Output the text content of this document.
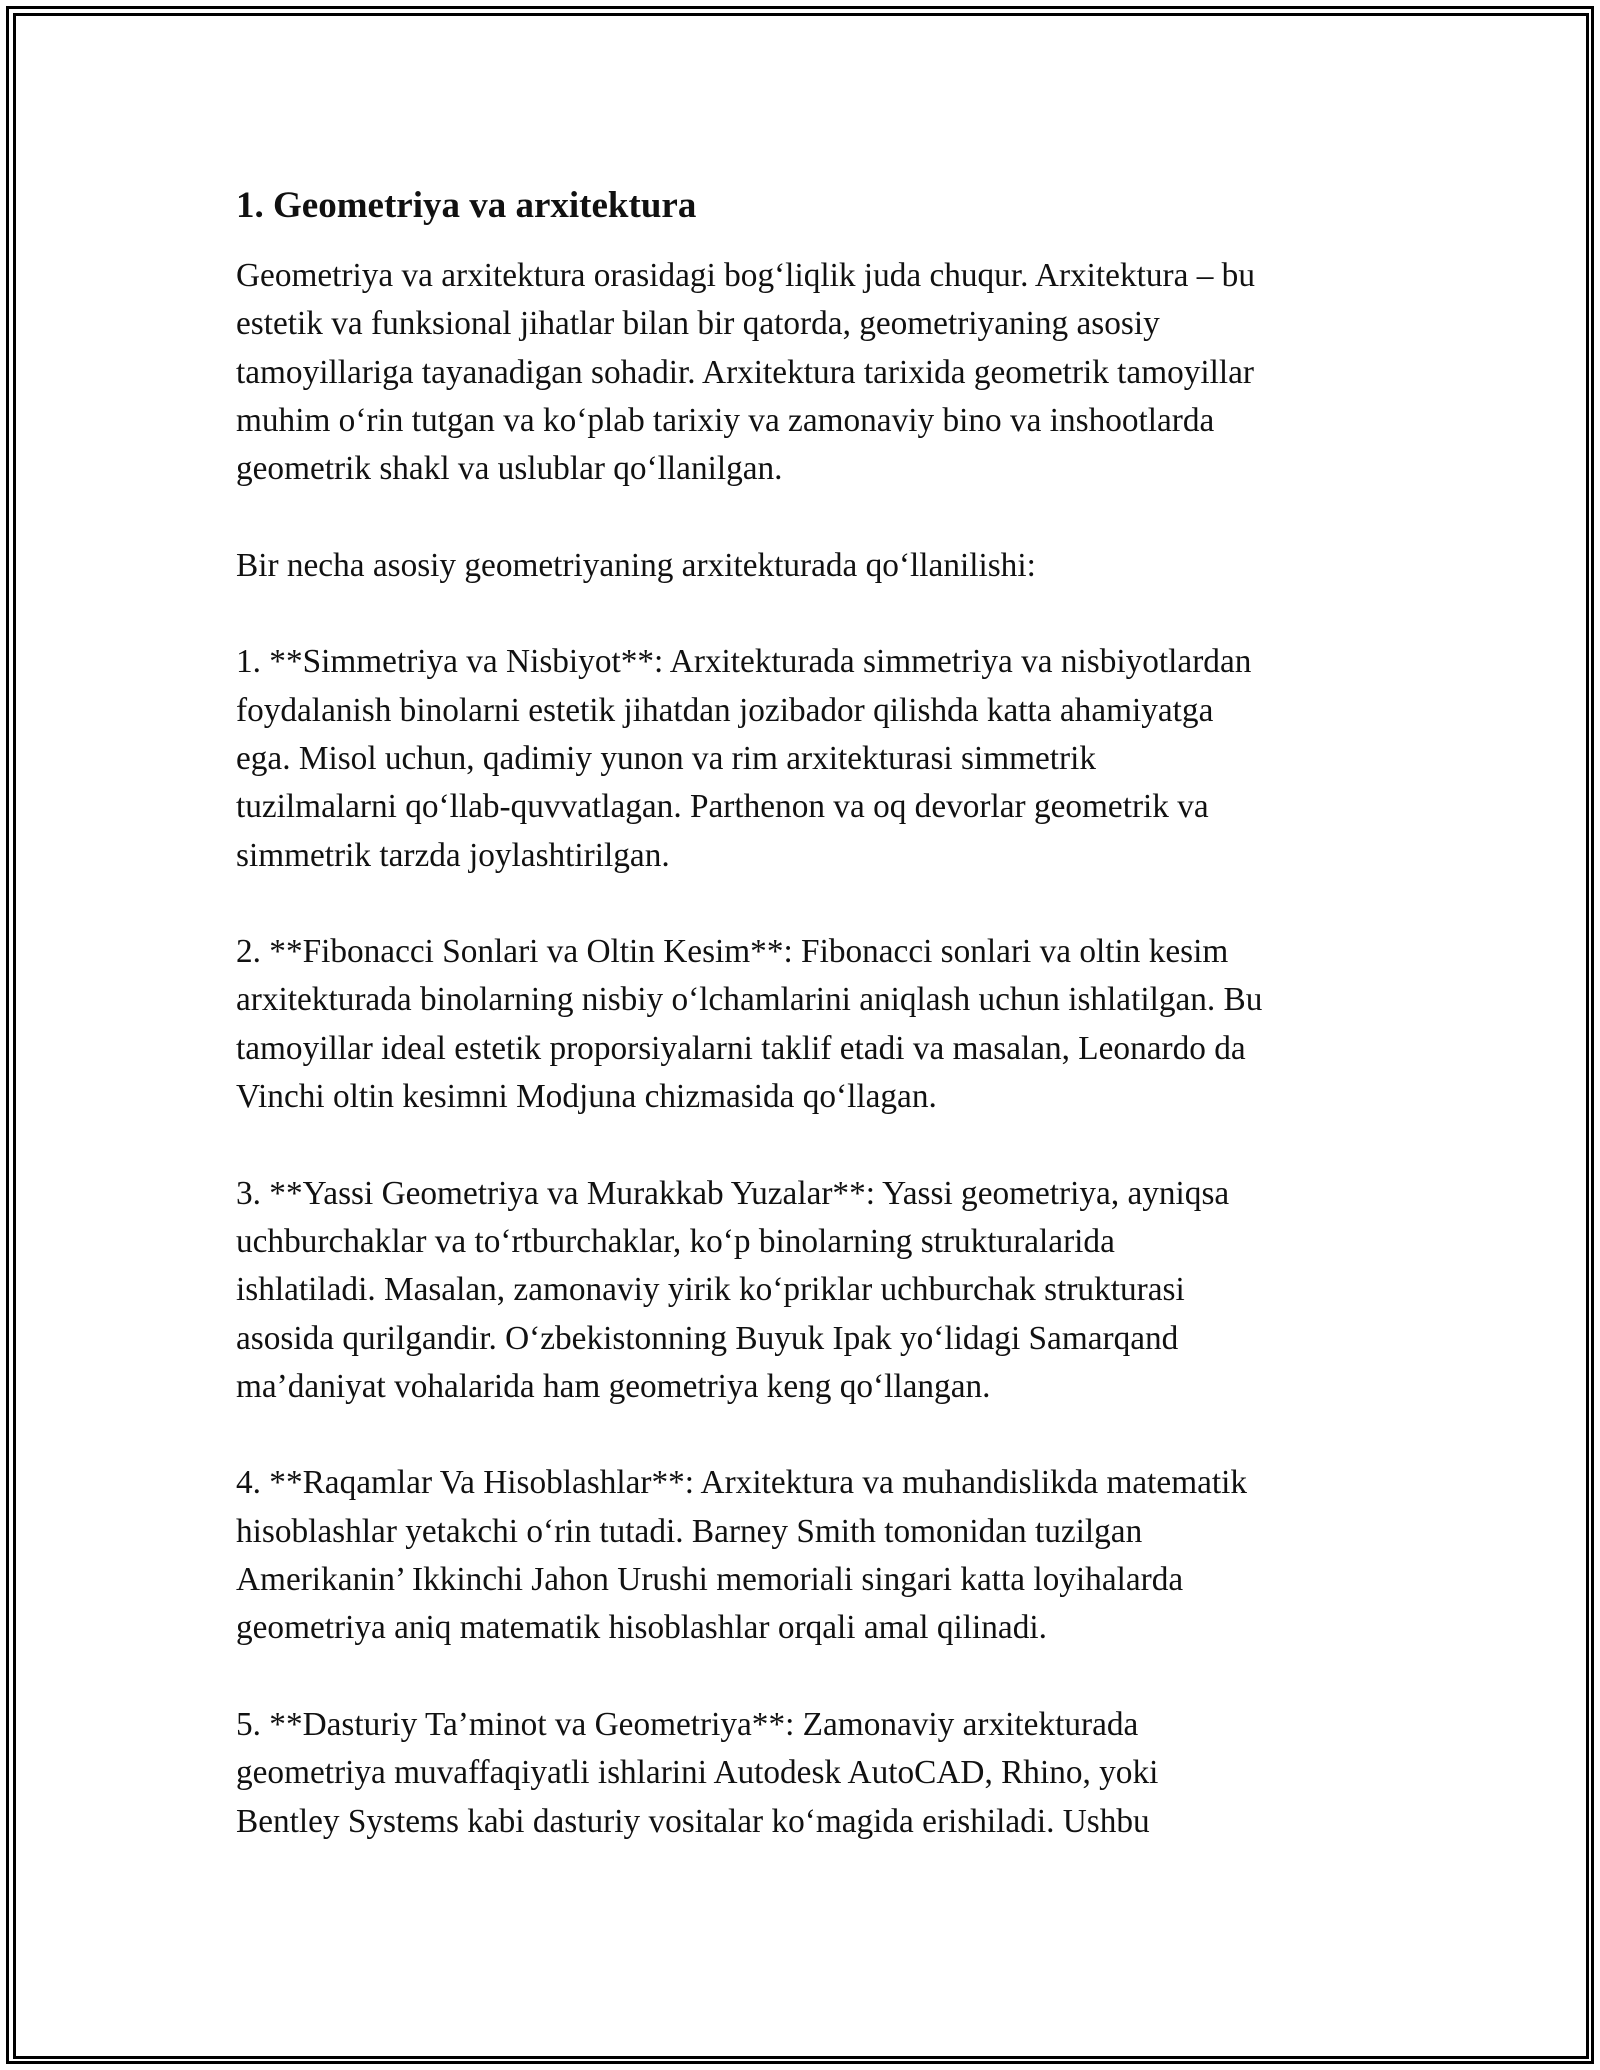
1. Geometriya va arxitektura
Geometriya va arxitektura orasidagi bog‘liqlik juda chuqur. Arxitektura – bu
estetik va funksional jihatlar bilan bir qatorda, geometriyaning asosiy
tamoyillariga tayanadigan sohadir. Arxitektura tarixida geometrik tamoyillar
muhim o‘rin tutgan va ko‘plab tarixiy va zamonaviy bino va inshootlarda
geometrik shakl va uslublar qo‘llanilgan.
Bir necha asosiy geometriyaning arxitekturada qo‘llanilishi:
1. **Simmetriya va Nisbiyot**: Arxitekturada simmetriya va nisbiyotlardan
foydalanish binolarni estetik jihatdan jozibador qilishda katta ahamiyatga
ega. Misol uchun, qadimiy yunon va rim arxitekturasi simmetrik
tuzilmalarni qo‘llab-quvvatlagan. Parthenon va oq devorlar geometrik va
simmetrik tarzda joylashtirilgan.
2. **Fibonacci Sonlari va Oltin Kesim**: Fibonacci sonlari va oltin kesim
arxitekturada binolarning nisbiy o‘lchamlarini aniqlash uchun ishlatilgan. Bu
tamoyillar ideal estetik proporsiyalarni taklif etadi va masalan, Leonardo da
Vinchi oltin kesimni Modjuna chizmasida qo‘llagan.
3. **Yassi Geometriya va Murakkab Yuzalar**: Yassi geometriya, ayniqsa
uchburchaklar va to‘rtburchaklar, ko‘p binolarning strukturalarida
ishlatiladi. Masalan, zamonaviy yirik ko‘priklar uchburchak strukturasi
asosida qurilgandir. O‘zbekistonning Buyuk Ipak yo‘lidagi Samarqand
ma’daniyat vohalarida ham geometriya keng qo‘llangan.
4. **Raqamlar Va Hisoblashlar**: Arxitektura va muhandislikda matematik
hisoblashlar yetakchi o‘rin tutadi. Barney Smith tomonidan tuzilgan
Amerikanin’ Ikkinchi Jahon Urushi memoriali singari katta loyihalarda
geometriya aniq matematik hisoblashlar orqali amal qilinadi.
5. **Dasturiy Ta’minot va Geometriya**: Zamonaviy arxitekturada
geometriya muvaffaqiyatli ishlarini Autodesk AutoCAD, Rhino, yoki
Bentley Systems kabi dasturiy vositalar ko‘magida erishiladi. Ushbu
